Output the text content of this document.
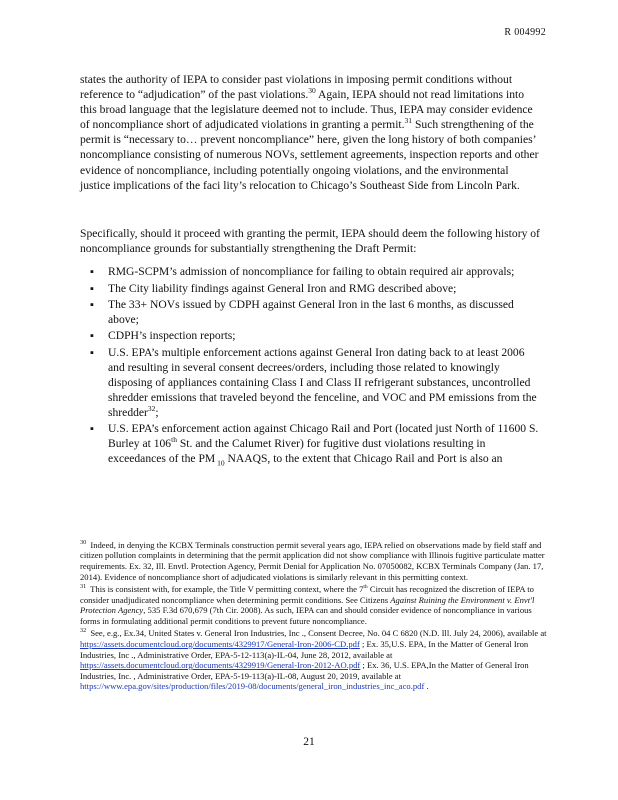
R 004992
states the authority of IEPA to consider past violations in imposing permit conditions without reference to “adjudication” of the past violations.$^{30}$ Again, IEPA should not read limitations into this broad language that the legislature deemed not to include. Thus, IEPA may consider evidence of noncompliance short of adjudicated violations in granting a permit.$^{31}$ Such strengthening of the permit is “necessary to… prevent noncompliance” here, given the long history of both companies’ noncompliance consisting of numerous NOVs, settlement agreements, inspection reports and other evidence of noncompliance, including potentially ongoing violations, and the environmental justice implications of the faci lity’s relocation to Chicago’s Southeast Side from Lincoln Park.
Specifically, should it proceed with granting the permit, IEPA should deem the following history of noncompliance grounds for substantially strengthening the Draft Permit:
▪ RMG-SCPM’s admission of noncompliance for failing to obtain required air approvals;
▪ The City liability findings against General Iron and RMG described above;
▪ The 33+ NOVs issued by CDPH against General Iron in the last 6 months, as discussed above;
▪ CDPH’s inspection reports;
▪ U.S. EPA’s multiple enforcement actions against General Iron dating back to at least 2006 and resulting in several consent decrees/orders, including those related to knowingly disposing of appliances containing Class I and Class II refrigerant substances, uncontrolled shredder emissions that traveled beyond the fenceline, and VOC and PM emissions from the shredder$^{32}$;
▪ U.S. EPA’s enforcement action against Chicago Rail and Port (located just North of 11600 S. Burley at 106th St. and the Calumet River) for fugitive dust violations resulting in exceedances of the PM $_{10}$ NAAQS, to the extent that Chicago Rail and Port is also an

$^{30}$ Indeed, in denying the KCBX Terminals construction permit several years ago, IEPA relied on observations made by field staff and citizen pollution complaints in determining that the permit application did not show compliance with Illinois fugitive particulate matter requirements. Ex. 32, Ill. Envtl. Protection Agency, Permit Denial for Application No. 07050082, KCBX Terminals Company (Jan. 17, 2014). Evidence of noncompliance short of adjudicated violations is similarly relevant in this permitting context.

$^{31}$ This is consistent with, for example, the Title V permitting context, where the 7th Circuit has recognized the discretion of IEPA to consider unadjudicated noncompliance when determining permit conditions. See Citizens Against Ruining the Environment v. Envt'l Protection Agency, 535 F.3d 670,679 (7th Cir. 2008). As such, IEPA can and should consider evidence of noncompliance in various forms in formulating additional permit conditions to prevent future noncompliance.

$^{32}$ See, e.g., Ex.34, United States v. General Iron Industries, Inc ., Consent Decree, No. 04 C 6820 (N.D. Ill. July 24, 2006), available at https://assets.documentcloud.org/documents/4329917/General-Iron-2006-CD.pdf ; Ex. 35,U.S. EPA, In the Matter of General Iron Industries, Inc ., Administrative Order, EPA-5-12-113(a)-IL-04, June 28, 2012, available at https://assets.documentcloud.org/documents/4329919/General-Iron-2012-AO.pdf ; Ex. 36, U.S. EPA,In the Matter of General Iron Industries, Inc. , Administrative Order, EPA-5-19-113(a)-IL-08, August 20, 2019, available at https://www.epa.gov/sites/production/files/2019-08/documents/general_iron_industries_inc_aco.pdf .

21
